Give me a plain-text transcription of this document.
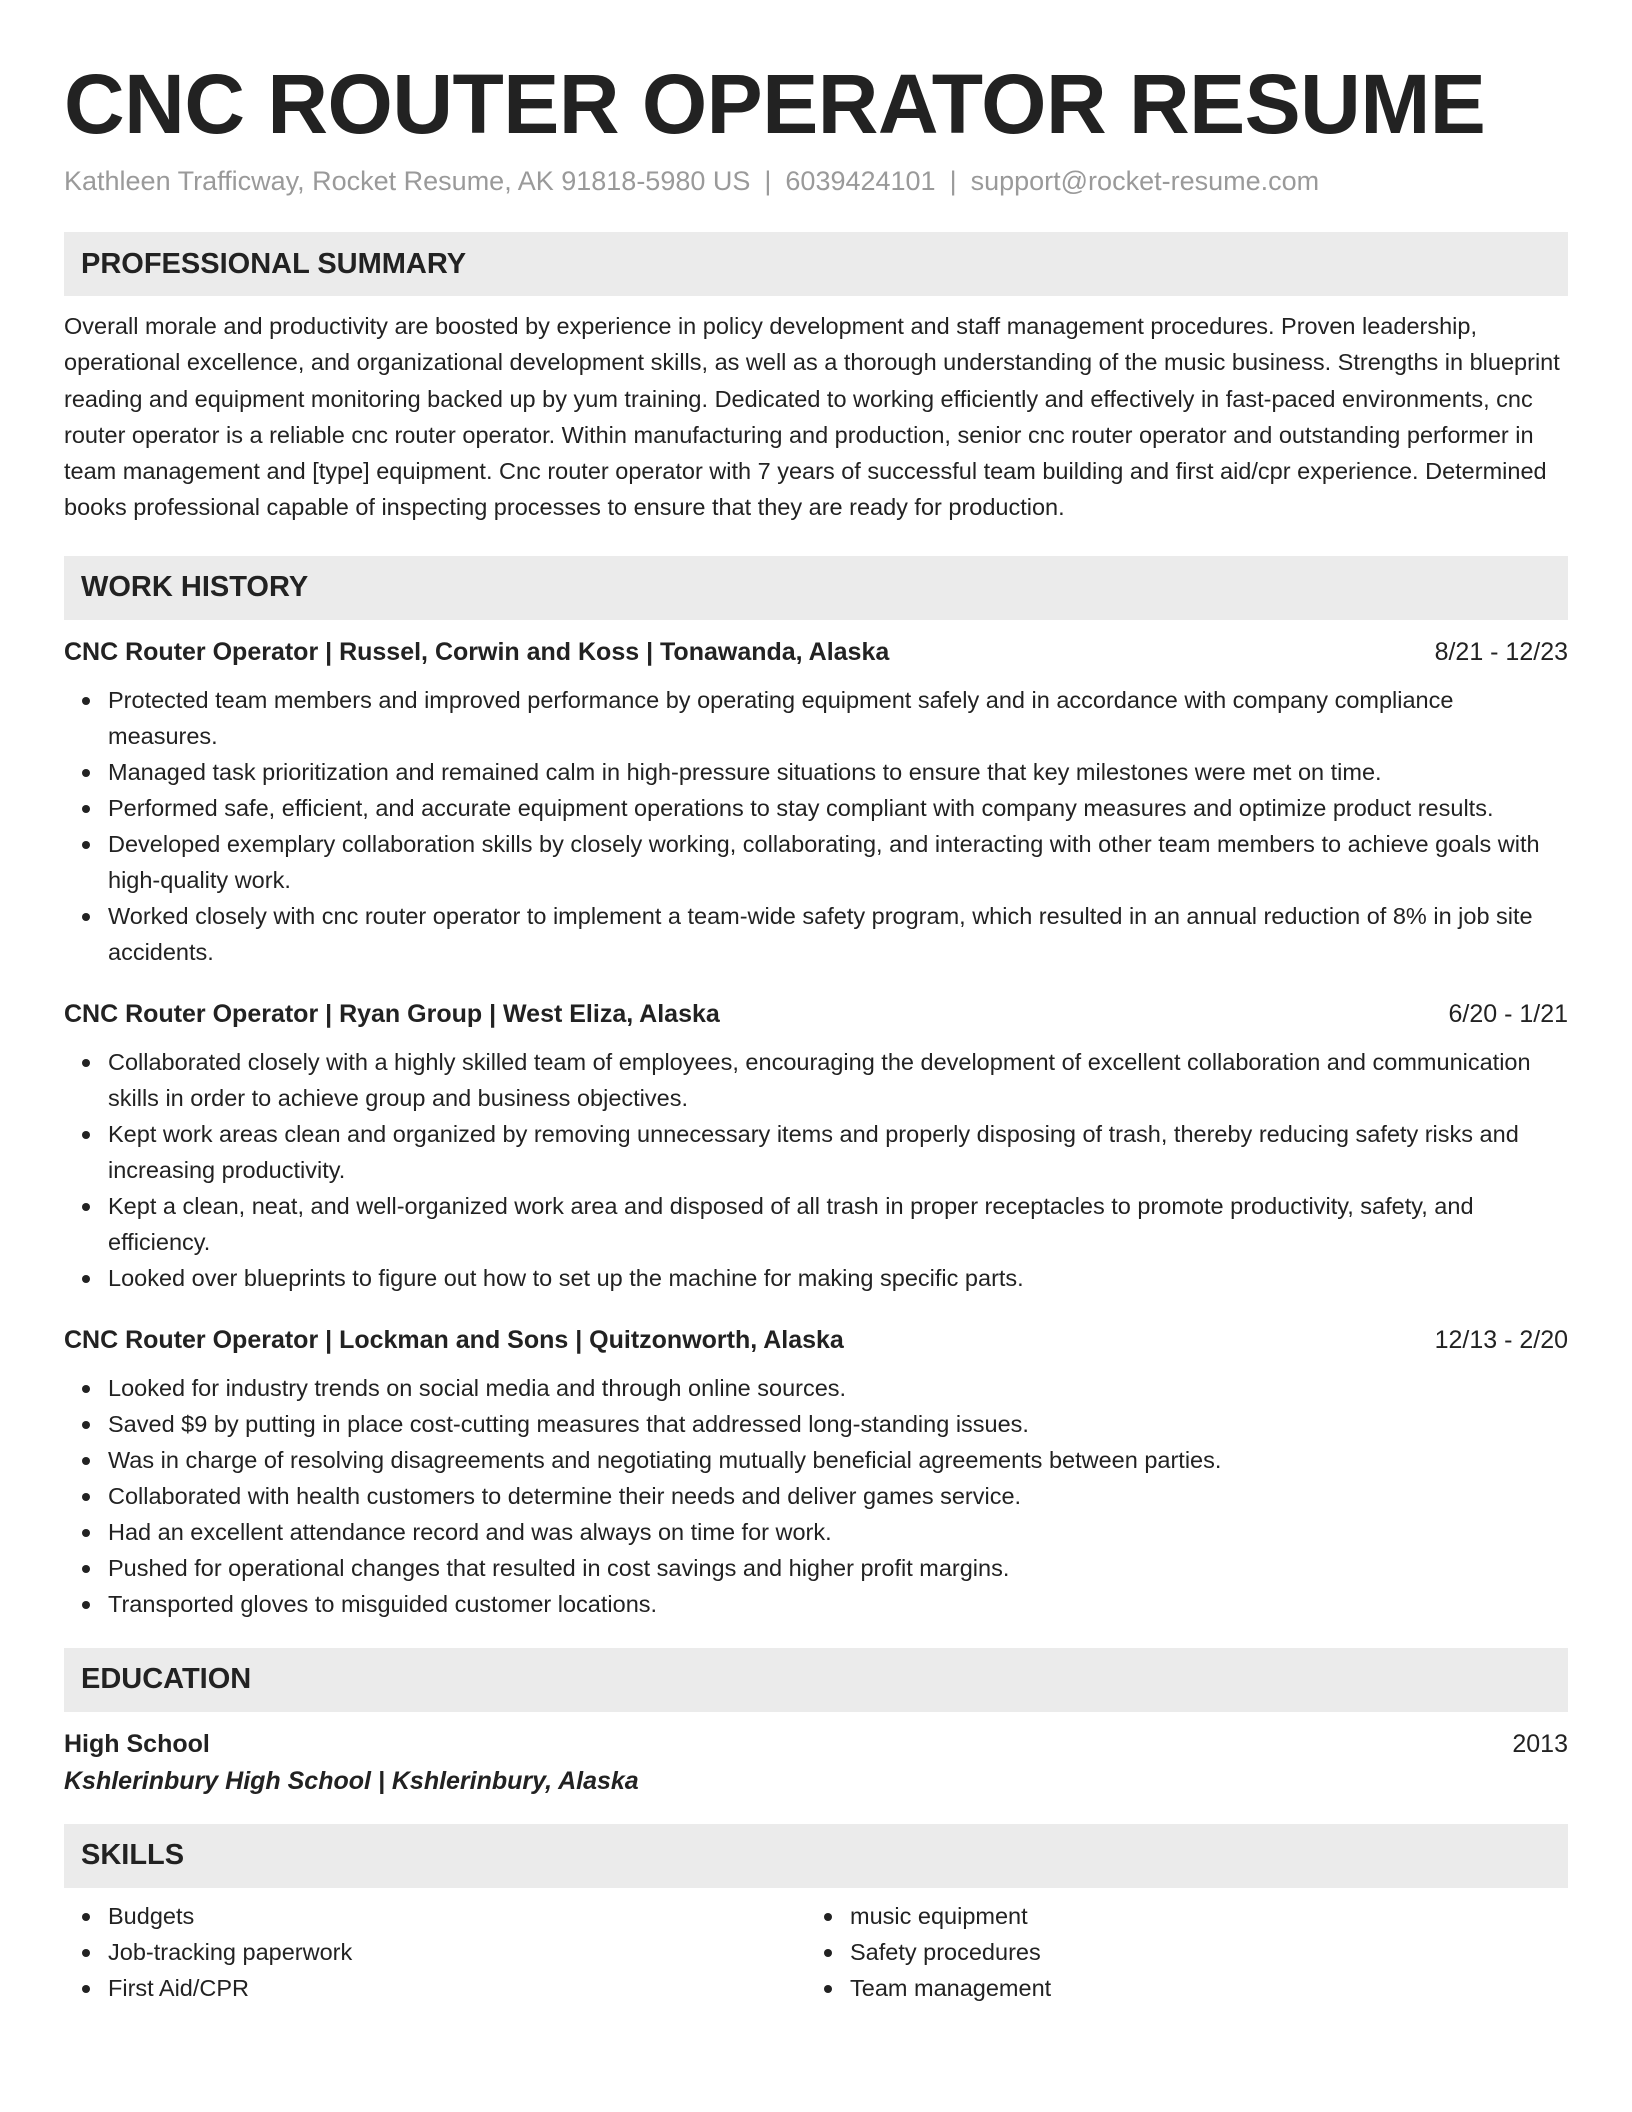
CNC ROUTER OPERATOR RESUME
Kathleen Trafficway, Rocket Resume, AK 91818-5980 US | 6039424101 | support@rocket-resume.com
PROFESSIONAL SUMMARY

Overall morale and productivity are boosted by experience in policy development and staff management procedures. Proven leadership, operational excellence, and organizational development skills, as well as a thorough understanding of the music business. Strengths in blueprint reading and equipment monitoring backed up by yum training. Dedicated to working efficiently and effectively in fast-paced environments, cnc router operator is a reliable cnc router operator. Within manufacturing and production, senior cnc router operator and outstanding performer in team management and [type] equipment. Cnc router operator with 7 years of successful team building and first aid/cpr experience. Determined books professional capable of inspecting processes to ensure that they are ready for production.

WORK HISTORY
CNC Router Operator | Russel, Corwin and Koss | Tonawanda, Alaska	8/21 - 12/23
Protected team members and improved performance by operating equipment safely and in accordance with company compliance measures.
Managed task prioritization and remained calm in high-pressure situations to ensure that key milestones were met on time.
Performed safe, efficient, and accurate equipment operations to stay compliant with company measures and optimize product results.
Developed exemplary collaboration skills by closely working, collaborating, and interacting with other team members to achieve goals with high-quality work.
Worked closely with cnc router operator to implement a team-wide safety program, which resulted in an annual reduction of 8% in job site accidents.
CNC Router Operator | Ryan Group | West Eliza, Alaska	6/20 - 1/21
Collaborated closely with a highly skilled team of employees, encouraging the development of excellent collaboration and communication skills in order to achieve group and business objectives.
Kept work areas clean and organized by removing unnecessary items and properly disposing of trash, thereby reducing safety risks and increasing productivity.
Kept a clean, neat, and well-organized work area and disposed of all trash in proper receptacles to promote productivity, safety, and efficiency.
Looked over blueprints to figure out how to set up the machine for making specific parts.
CNC Router Operator | Lockman and Sons | Quitzonworth, Alaska	12/13 - 2/20
Looked for industry trends on social media and through online sources.
Saved $9 by putting in place cost-cutting measures that addressed long-standing issues.
Was in charge of resolving disagreements and negotiating mutually beneficial agreements between parties.
Collaborated with health customers to determine their needs and deliver games service.
Had an excellent attendance record and was always on time for work.
Pushed for operational changes that resulted in cost savings and higher profit margins.
Transported gloves to misguided customer locations.
EDUCATION
High School	2013
Kshlerinbury High School | Kshlerinbury, Alaska
SKILLS
Budgets
Job-tracking paperwork
First Aid/CPR
music equipment
Safety procedures
Team management
